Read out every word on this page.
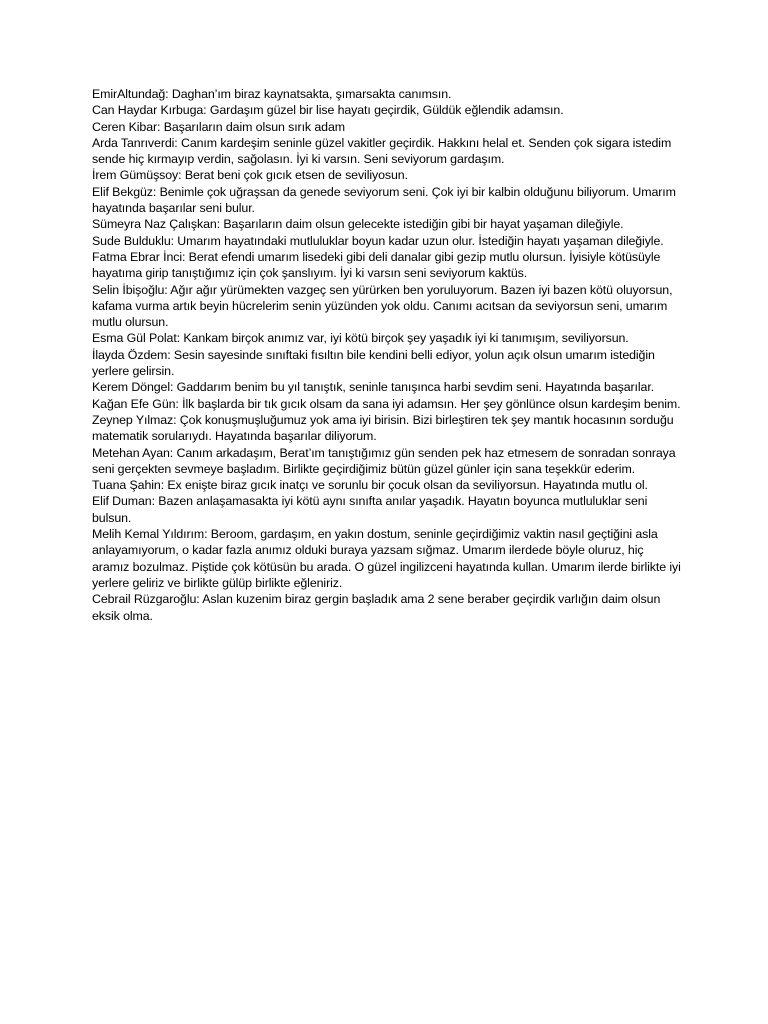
EmirAltundağ: Daghan’ım biraz kaynatsakta, şımarsakta canımsın.

Can Haydar Kırbuga: Gardaşım güzel bir lise hayatı geçirdik, Güldük eğlendik adamsın.

Ceren Kibar: Başarıların daim olsun sırık adam

Arda Tanrıverdi: Canım kardeşim seninle güzel vakitler geçirdik. Hakkını helal et. Senden çok sigara istedim sende hiç kırmayıp verdin, sağolasın. İyi ki varsın. Seni seviyorum gardaşım.

İrem Gümüşsoy: Berat beni çok gıcık etsen de seviliyosun.

Elif Bekgüz: Benimle çok uğraşsan da genede seviyorum seni. Çok iyi bir kalbin olduğunu biliyorum. Umarım hayatında başarılar seni bulur.

Sümeyra Naz Çalışkan: Başarıların daim olsun gelecekte istediğin gibi bir hayat yaşaman dileğiyle.

Sude Bulduklu: Umarım hayatındaki mutluluklar boyun kadar uzun olur. İstediğin hayatı yaşaman dileğiyle.

Fatma Ebrar İnci: Berat efendi umarım lisedeki gibi deli danalar gibi gezip mutlu olursun. İyisiyle kötüsüyle hayatıma girip tanıştığımız için çok şanslıyım. İyi ki varsın seni seviyorum kaktüs.

Selin İbişoğlu: Ağır ağır yürümekten vazgeç sen yürürken ben yoruluyorum. Bazen iyi bazen kötü oluyorsun, kafama vurma artık beyin hücrelerim senin yüzünden yok oldu. Canımı acıtsan da seviyorsun seni, umarım mutlu olursun.

Esma Gül Polat: Kankam birçok anımız var, iyi kötü birçok şey yaşadık iyi ki tanımışım, seviliyorsun.

İlayda Özdem: Sesin sayesinde sınıftaki fısıltın bile kendini belli ediyor, yolun açık olsun umarım istediğin yerlere gelirsin.

Kerem Döngel: Gaddarım benim bu yıl tanıştık, seninle tanışınca harbi sevdim seni. Hayatında başarılar.

Kağan Efe Gün: İlk başlarda bir tık gıcık olsam da sana iyi adamsın. Her şey gönlünce olsun kardeşim benim.

Zeynep Yılmaz: Çok konuşmuşluğumuz yok ama iyi birisin. Bizi birleştiren tek şey mantık hocasının sorduğu matematik sorularıydı. Hayatında başarılar diliyorum.

Metehan Ayan: Canım arkadaşım, Berat’ım tanıştığımız gün senden pek haz etmesem de sonradan sonraya seni gerçekten sevmeye başladım. Birlikte geçirdiğimiz bütün güzel günler için sana teşekkür ederim.

Tuana Şahin: Ex enişte biraz gıcık inatçı ve sorunlu bir çocuk olsan da seviliyorsun. Hayatında mutlu ol.

Elif Duman: Bazen anlaşamasakta iyi kötü aynı sınıfta anılar yaşadık. Hayatın boyunca mutluluklar seni bulsun.

Melih Kemal Yıldırım: Beroom, gardaşım, en yakın dostum, seninle geçirdiğimiz vaktin nasıl geçtiğini asla anlayamıyorum, o kadar fazla anımız olduki buraya yazsam sığmaz. Umarım ilerdede böyle oluruz, hiç aramız bozulmaz. Piştide çok kötüsün bu arada. O güzel ingilizceni hayatında kullan. Umarım ilerde birlikte iyi yerlere geliriz ve birlikte gülüp birlikte eğleniriz.

Cebrail Rüzgaroğlu: Aslan kuzenim biraz gergin başladık ama 2 sene beraber geçirdik varlığın daim olsun eksik olma.
